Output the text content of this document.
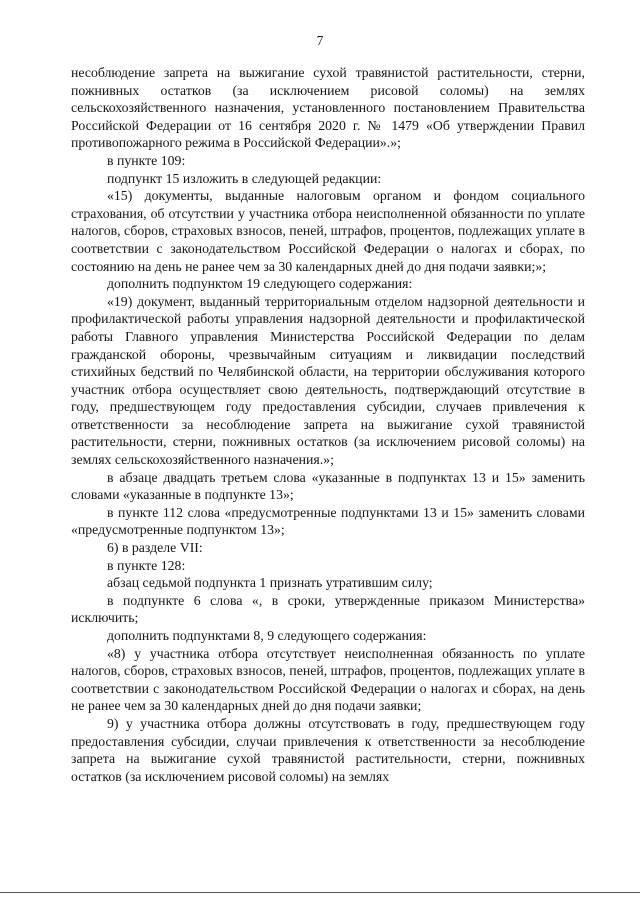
7

несоблюдение запрета на выжигание сухой травянистой растительности, стерни, пожнивных остатков (за исключением рисовой соломы) на землях сельскохозяйственного назначения, установленного постановлением Правительства Российской Федерации от 16 сентября 2020 г. № 1479 «Об утверждении Правил противопожарного режима в Российской Федерации».»;

в пункте 109:

подпункт 15 изложить в следующей редакции:

«15) документы, выданные налоговым органом и фондом социального страхования, об отсутствии у участника отбора неисполненной обязанности по уплате налогов, сборов, страховых взносов, пеней, штрафов, процентов, подлежащих уплате в соответствии с законодательством Российской Федерации о налогах и сборах, по состоянию на день не ранее чем за 30 календарных дней до дня подачи заявки;»;

дополнить подпунктом 19 следующего содержания:

«19) документ, выданный территориальным отделом надзорной деятельности и профилактической работы управления надзорной деятельности и профилактической работы Главного управления Министерства Российской Федерации по делам гражданской обороны, чрезвычайным ситуациям и ликвидации последствий стихийных бедствий по Челябинской области, на территории обслуживания которого участник отбора осуществляет свою деятельность, подтверждающий отсутствие в году, предшествующем году предоставления субсидии, случаев привлечения к ответственности за несоблюдение запрета на выжигание сухой травянистой растительности, стерни, пожнивных остатков (за исключением рисовой соломы) на землях сельскохозяйственного назначения.»;

в абзаце двадцать третьем слова «указанные в подпунктах 13 и 15» заменить словами «указанные в подпункте 13»;

в пункте 112 слова «предусмотренные подпунктами 13 и 15» заменить словами «предусмотренные подпунктом 13»;

6) в разделе VII:

в пункте 128:

абзац седьмой подпункта 1 признать утратившим силу;

в подпункте 6 слова «, в сроки, утвержденные приказом Министерства» исключить;

дополнить подпунктами 8, 9 следующего содержания:

«8) у участника отбора отсутствует неисполненная обязанность по уплате налогов, сборов, страховых взносов, пеней, штрафов, процентов, подлежащих уплате в соответствии с законодательством Российской Федерации о налогах и сборах, на день не ранее чем за 30 календарных дней до дня подачи заявки;

9) у участника отбора должны отсутствовать в году, предшествующем году предоставления субсидии, случаи привлечения к ответственности за несоблюдение запрета на выжигание сухой травянистой растительности, стерни, пожнивных остатков (за исключением рисовой соломы) на землях
